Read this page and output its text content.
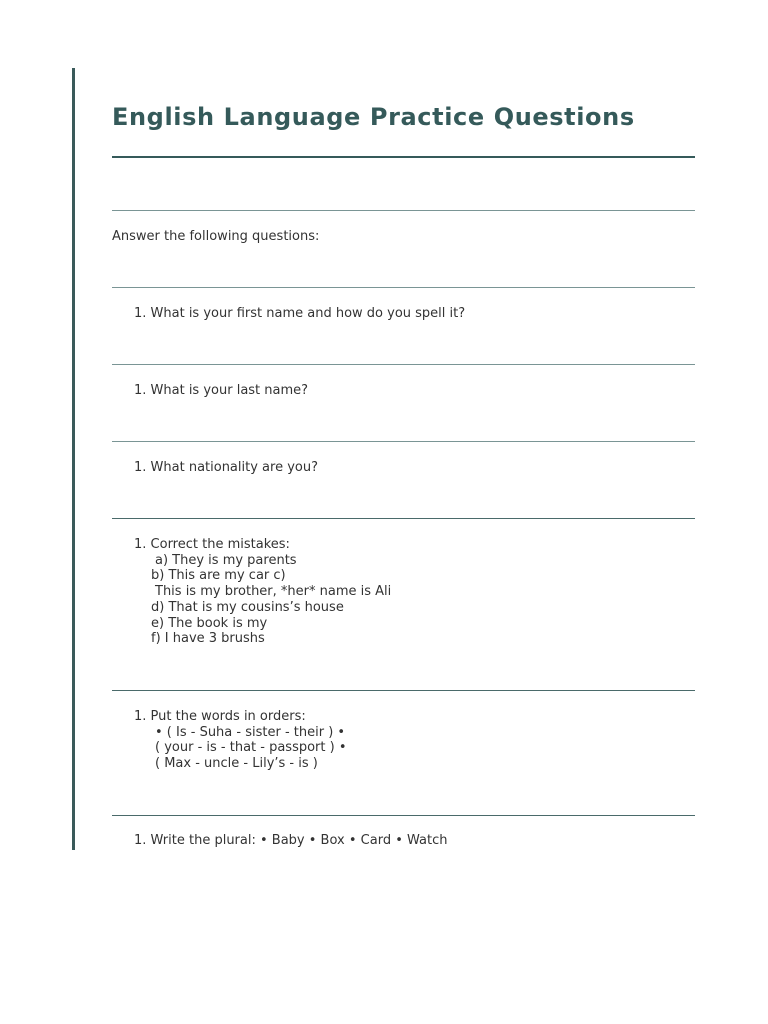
English Language Practice Questions
Answer the following questions:
1. What is your first name and how do you spell it?
1. What is your last name?
1. What nationality are you?
1. Correct the mistakes:
a) They is my parents
b) This are my car c)
This is my brother, *her* name is Ali
d) That is my cousins’s house
e) The book is my
f) I have 3 brushs
1. Put the words in orders:
• ( Is - Suha - sister - their ) •
( your - is - that - passport ) •
( Max - uncle - Lily’s - is )
1. Write the plural: • Baby • Box • Card • Watch
